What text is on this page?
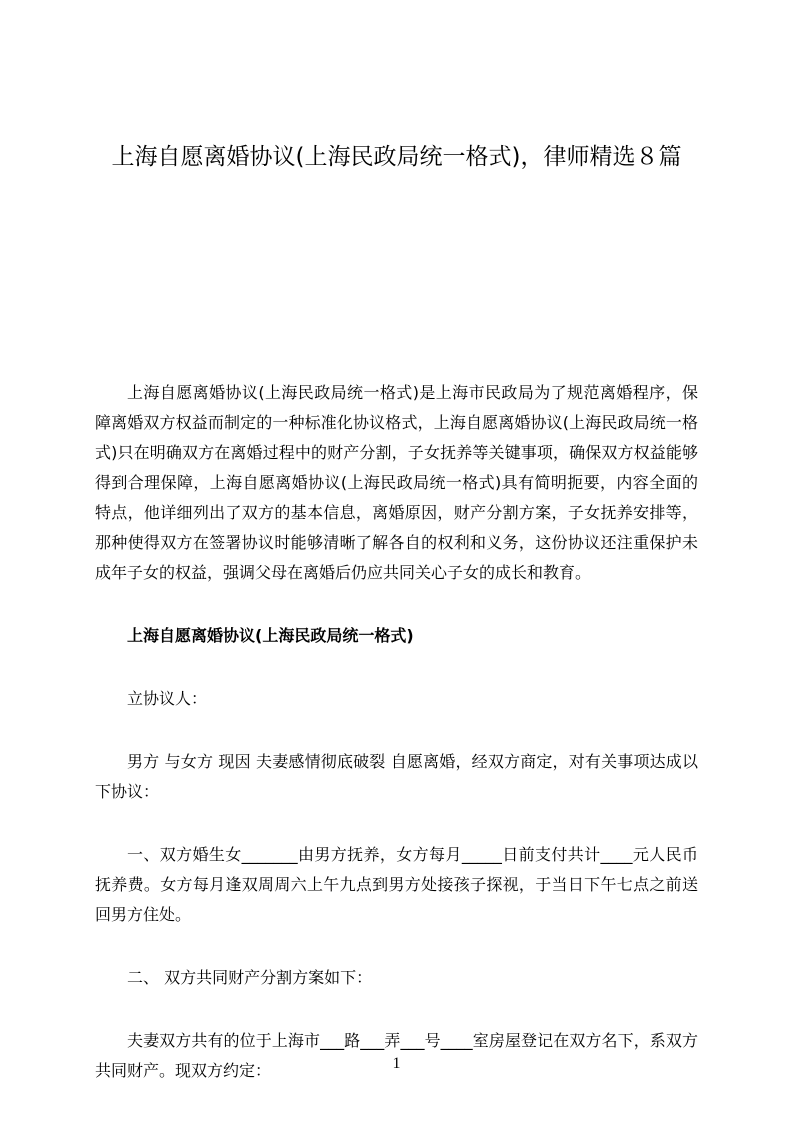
上海自愿离婚协议(上海民政局统一格式)，律师精选８篇

上海自愿离婚协议(上海民政局统一格式)是上海市民政局为了规范离婚程序，保障离婚双方权益而制定的一种标准化协议格式，上海自愿离婚协议(上海民政局统一格式)只在明确双方在离婚过程中的财产分割，子女抚养等关键事项，确保双方权益能够得到合理保障，上海自愿离婚协议(上海民政局统一格式)具有简明扼要，内容全面的特点，他详细列出了双方的基本信息，离婚原因，财产分割方案，子女抚养安排等，那种使得双方在签署协议时能够清晰了解各自的权利和义务，这份协议还注重保护未成年子女的权益，强调父母在离婚后仍应共同关心子女的成长和教育。

上海自愿离婚协议(上海民政局统一格式)

立协议人：

男方 与女方 现因 夫妻感情彻底破裂 自愿离婚，经双方商定，对有关事项达成以下协议：

一、双方婚生女_______由男方抚养，女方每月_____日前支付共计____元人民币抚养费。女方每月逢双周周六上午九点到男方处接孩子探视，于当日下午七点之前送回男方住处。

二、 双方共同财产分割方案如下：

夫妻双方共有的位于上海市___路___弄___号____室房屋登记在双方名下，系双方共同财产。现双方约定：	1
